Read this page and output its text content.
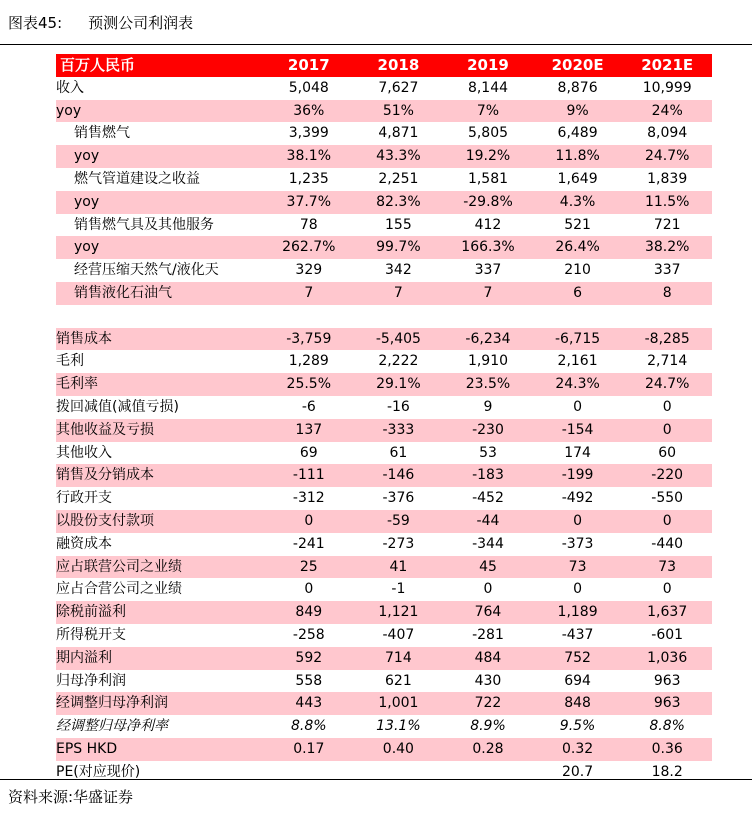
图表45: 预测公司利润表
百万人民币	2017	2018	2019	2020E	2021E
收入	5,048	7,627	8,144	8,876	10,999
yoy	36%	51%	7%	9%	24%
销售燃气	3,399	4,871	5,805	6,489	8,094
yoy	38.1%	43.3%	19.2%	11.8%	24.7%
燃气管道建设之收益	1,235	2,251	1,581	1,649	1,839
yoy	37.7%	82.3%	-29.8%	4.3%	11.5%
销售燃气具及其他服务	78	155	412	521	721
yoy	262.7%	99.7%	166.3%	26.4%	38.2%
经营压缩天然气/液化天	329	342	337	210	337
销售液化石油气	7	7	7	6	8

销售成本	-3,759	-5,405	-6,234	-6,715	-8,285
毛利	1,289	2,222	1,910	2,161	2,714
毛利率	25.5%	29.1%	23.5%	24.3%	24.7%
拨回减值(减值亏损)	-6	-16	9	0	0
其他收益及亏损	137	-333	-230	-154	0
其他收入	69	61	53	174	60
销售及分销成本	-111	-146	-183	-199	-220
行政开支	-312	-376	-452	-492	-550
以股份支付款项	0	-59	-44	0	0
融资成本	-241	-273	-344	-373	-440
应占联营公司之业绩	25	41	45	73	73
应占合营公司之业绩	0	-1	0	0	0
除税前溢利	849	1,121	764	1,189	1,637
所得税开支	-258	-407	-281	-437	-601
期内溢利	592	714	484	752	1,036
归母净利润	558	621	430	694	963
经调整归母净利润	443	1,001	722	848	963
经调整归母净利率	8.8%	13.1%	8.9%	9.5%	8.8%
EPS HKD	0.17	0.40	0.28	0.32	0.36
PE(对应现价)				20.7	18.2
资料来源:华盛证券
